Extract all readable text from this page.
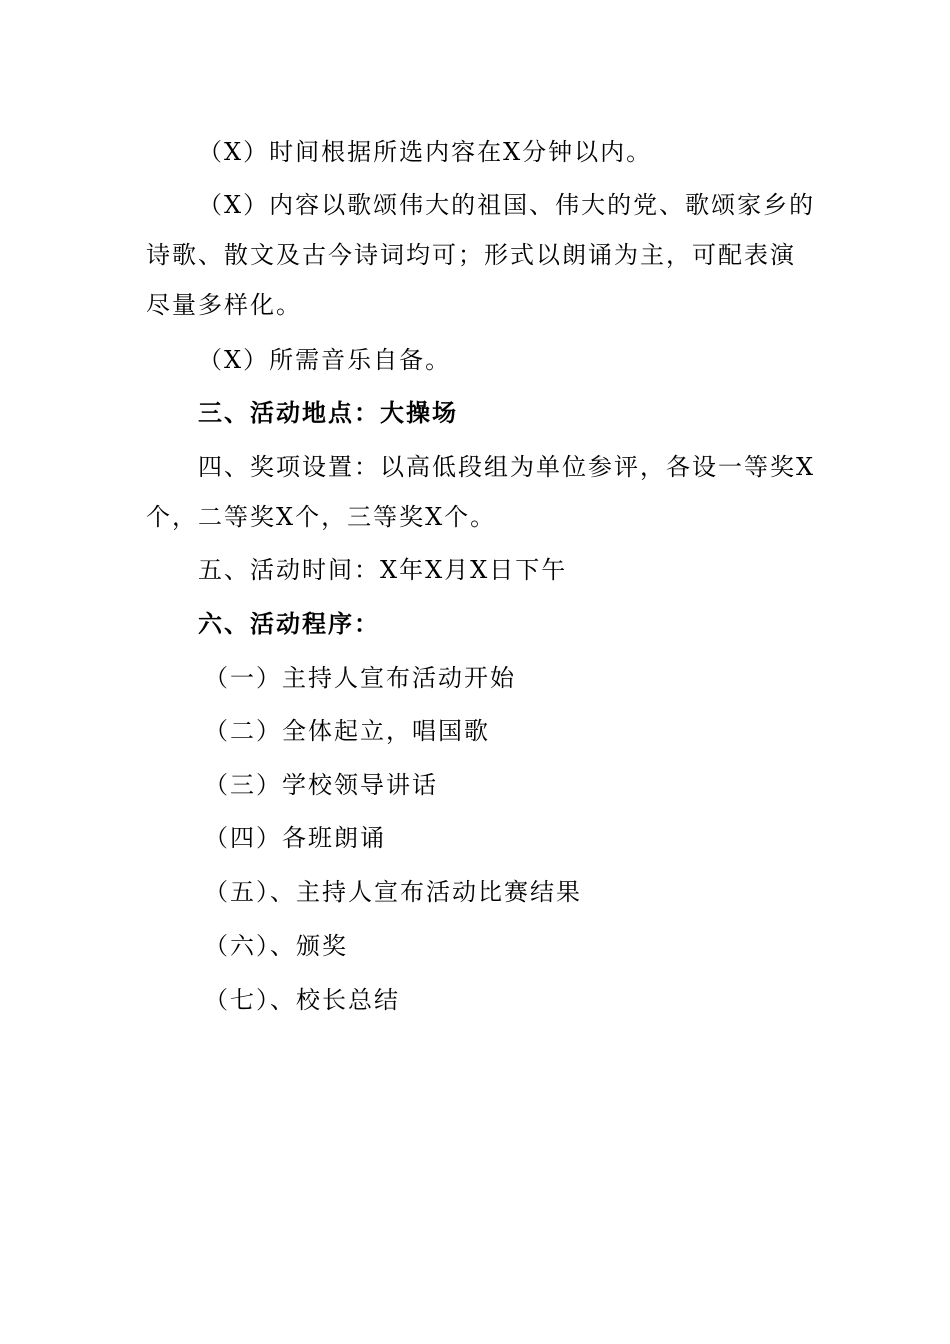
（X）时间根据所选内容在X分钟以内。
（X）内容以歌颂伟大的祖国、伟大的党、歌颂家乡的
诗歌、散文及古今诗词均可；形式以朗诵为主，可配表演
尽量多样化。
（X）所需音乐自备。
三、活动地点：大操场
四、奖项设置：以高低段组为单位参评，各设一等奖X
个，二等奖X个，三等奖X个。
五、活动时间：X年X月X日下午
六、活动程序：
（一）主持人宣布活动开始
（二）全体起立，唱国歌
（三）学校领导讲话
（四）各班朗诵
（五）、主持人宣布活动比赛结果
（六）、颁奖
（七）、校长总结
